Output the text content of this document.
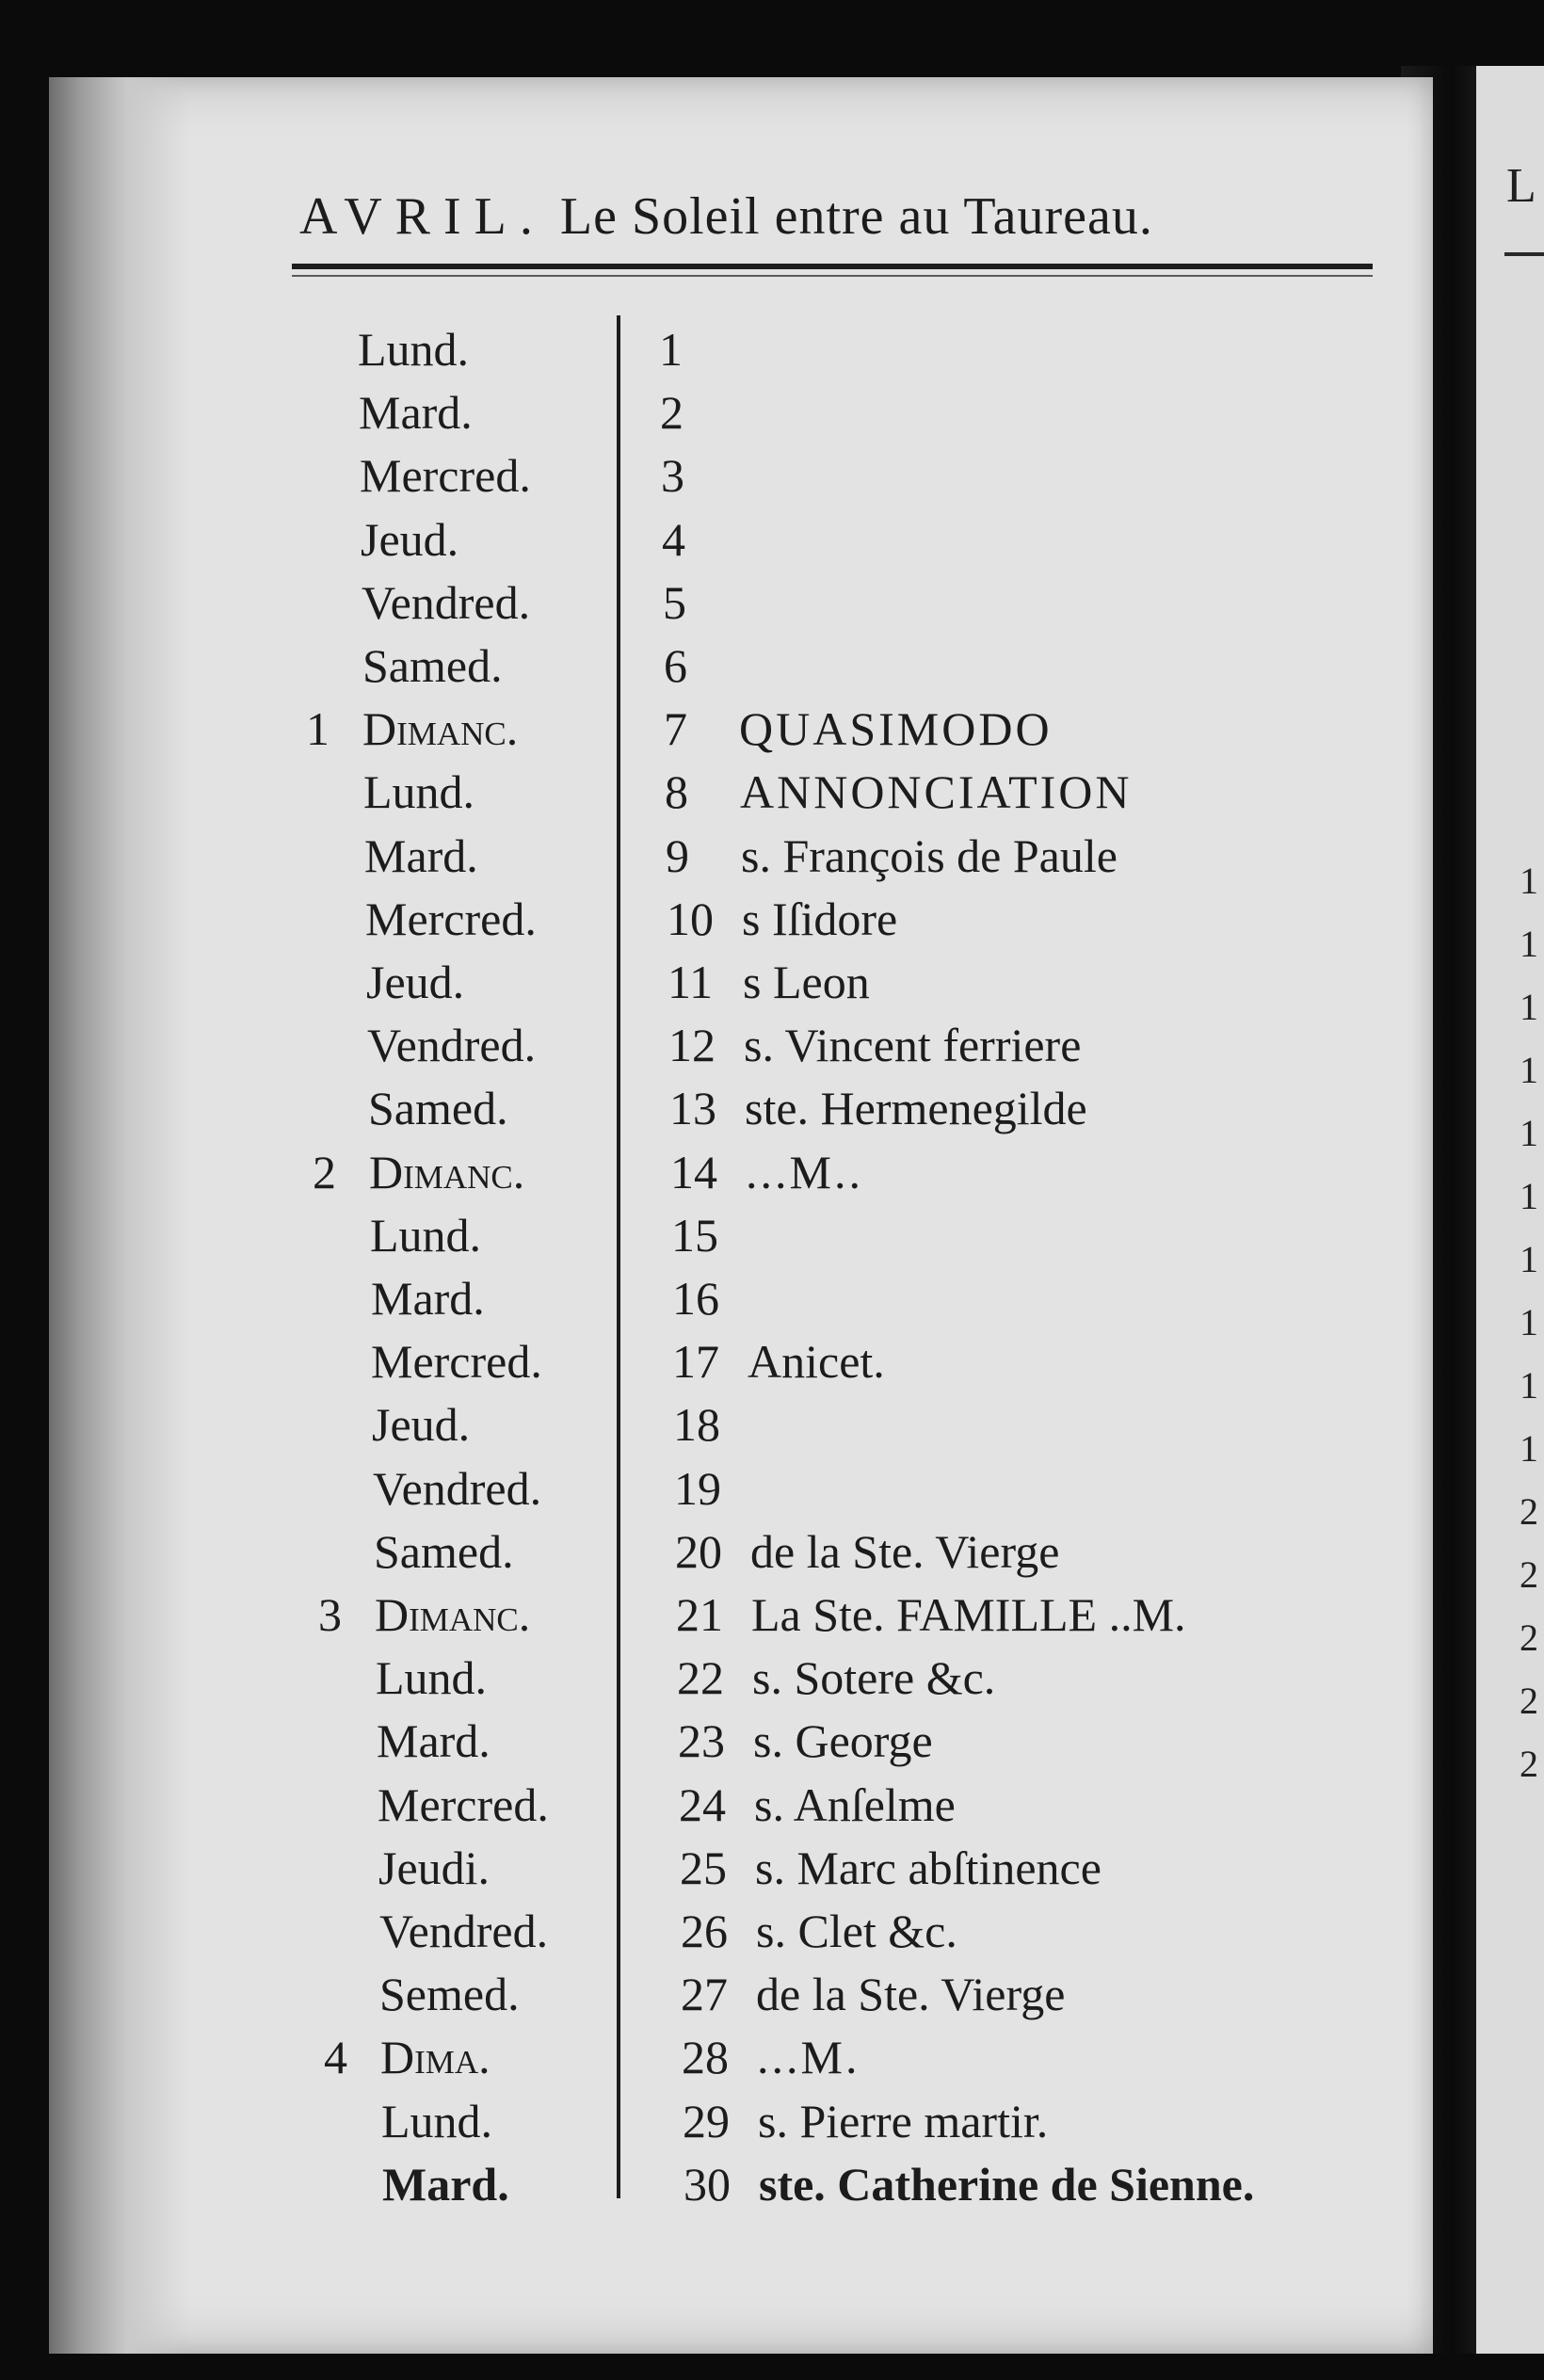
L
1
1
1
1
1
1
1
1
1
1
2
2
2
2
2
AVRIL. Le Soleil entre au Taureau.
Lund.	1
Mard.	2
Mercred.	3
Jeud.	4
Vendred.	5
Samed.	6
1 Dimanc.	7 QUASIMODO
Lund.	8 ANNONCIATION
Mard.	9 s. François de Paule
Mercred.	10 s Iſidore
Jeud.	11 s Leon
Vendred.	12 s. Vincent ferriere
Samed.	13 ste. Hermenegilde
2 Dimanc.	14 ...M..
Lund.	15
Mard.	16
Mercred.	17 Anicet.
Jeud.	18
Vendred.	19
Samed.	20 de la Ste. Vierge
3 Dimanc.	21 La Ste. FAMILLE ..M.
Lund.	22 s. Sotere &c.
Mard.	23 s. George
Mercred.	24 s. Anſelme
Jeudi.	25 s. Marc abſtinence
Vendred.	26 s. Clet &c.
Semed.	27 de la Ste. Vierge
4 Dima.	28 ...M.
Lund.	29 s. Pierre martir.
Mard.	30 ste. Catherine de Sienne.
